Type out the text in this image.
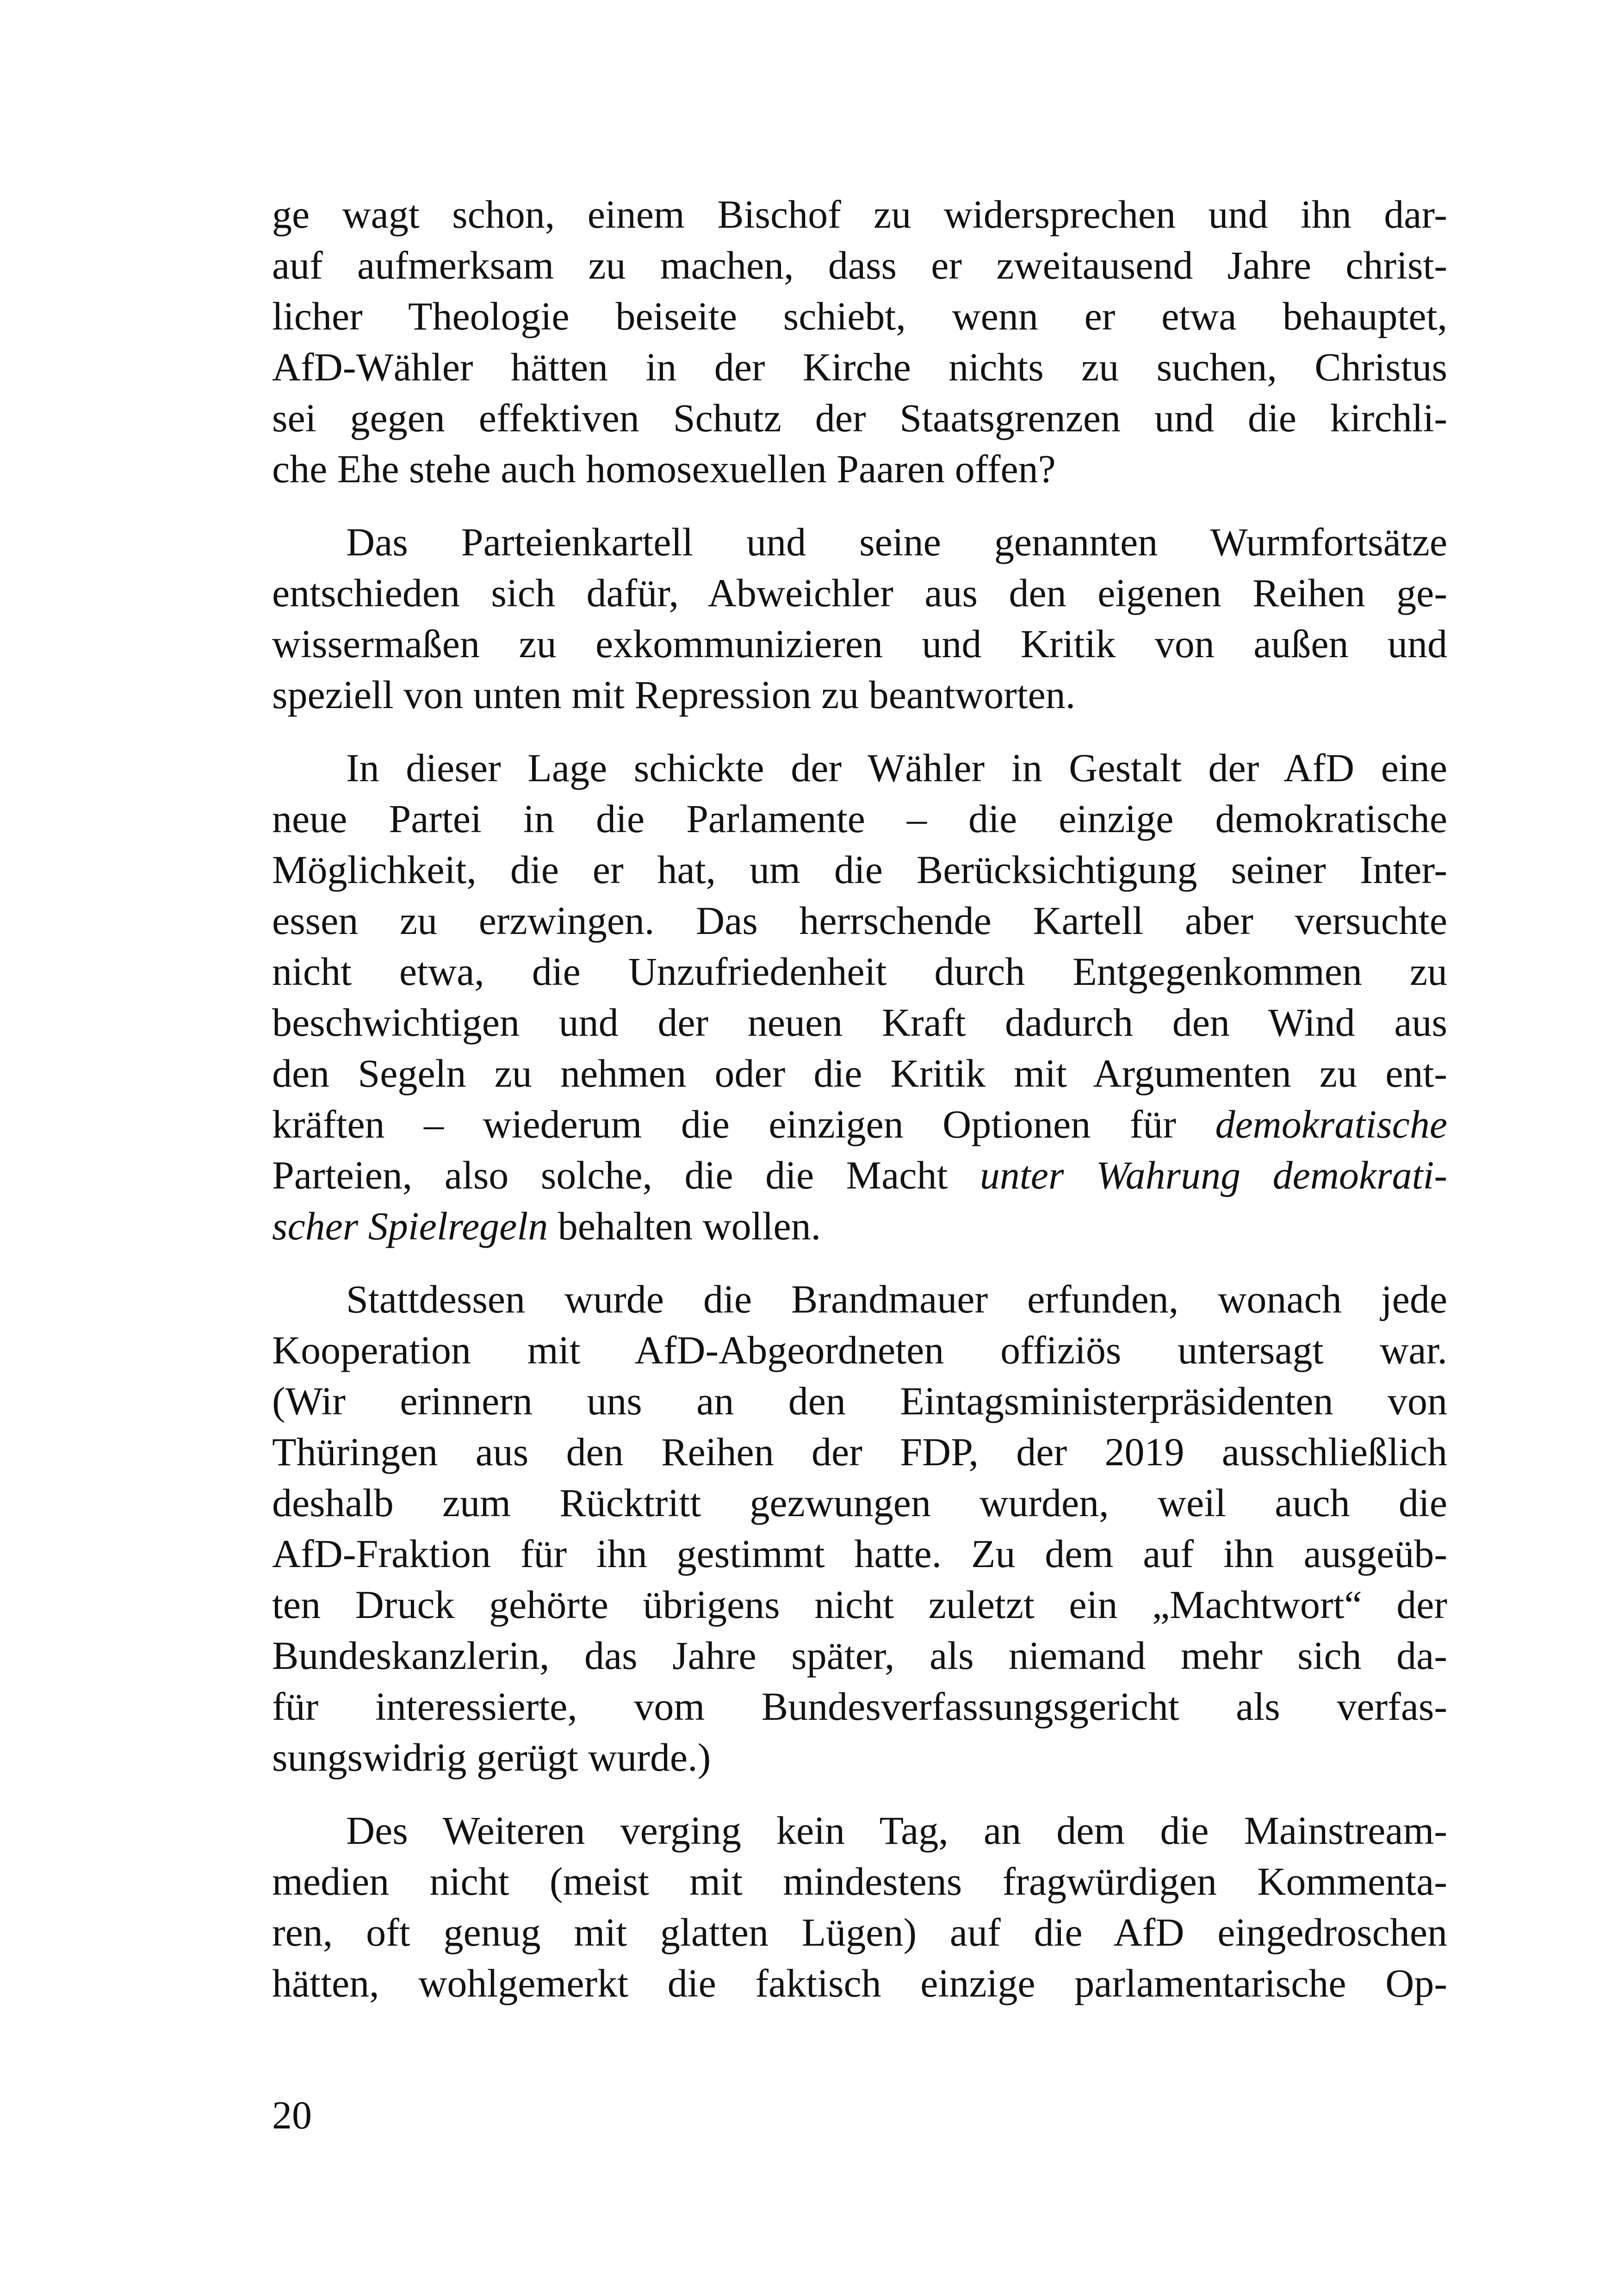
ge wagt schon, einem Bischof zu widersprechen und ihn dar-
auf aufmerksam zu machen, dass er zweitausend Jahre christ-
licher Theologie beiseite schiebt, wenn er etwa behauptet,
AfD-Wähler hätten in der Kirche nichts zu suchen, Christus
sei gegen effektiven Schutz der Staatsgrenzen und die kirchli-
che Ehe stehe auch homosexuellen Paaren offen?
Das Parteienkartell und seine genannten Wurmfortsätze
entschieden sich dafür, Abweichler aus den eigenen Reihen ge-
wissermaßen zu exkommunizieren und Kritik von außen und
speziell von unten mit Repression zu beantworten.
In dieser Lage schickte der Wähler in Gestalt der AfD eine
neue Partei in die Parlamente – die einzige demokratische
Möglichkeit, die er hat, um die Berücksichtigung seiner Inter-
essen zu erzwingen. Das herrschende Kartell aber versuchte
nicht etwa, die Unzufriedenheit durch Entgegenkommen zu
beschwichtigen und der neuen Kraft dadurch den Wind aus
den Segeln zu nehmen oder die Kritik mit Argumenten zu ent-
kräften – wiederum die einzigen Optionen für demokratische
Parteien, also solche, die die Macht unter Wahrung demokrati-
scher Spielregeln behalten wollen.
Stattdessen wurde die Brandmauer erfunden, wonach jede
Kooperation mit AfD-Abgeordneten offiziös untersagt war.
(Wir erinnern uns an den Eintagsministerpräsidenten von
Thüringen aus den Reihen der FDP, der 2019 ausschließlich
deshalb zum Rücktritt gezwungen wurden, weil auch die
AfD-Fraktion für ihn gestimmt hatte. Zu dem auf ihn ausgeüb-
ten Druck gehörte übrigens nicht zuletzt ein „Machtwort“ der
Bundeskanzlerin, das Jahre später, als niemand mehr sich da-
für interessierte, vom Bundesverfassungsgericht als verfas-
sungswidrig gerügt wurde.)
Des Weiteren verging kein Tag, an dem die Mainstream-
medien nicht (meist mit mindestens fragwürdigen Kommenta-
ren, oft genug mit glatten Lügen) auf die AfD eingedroschen
hätten, wohlgemerkt die faktisch einzige parlamentarische Op-
20
